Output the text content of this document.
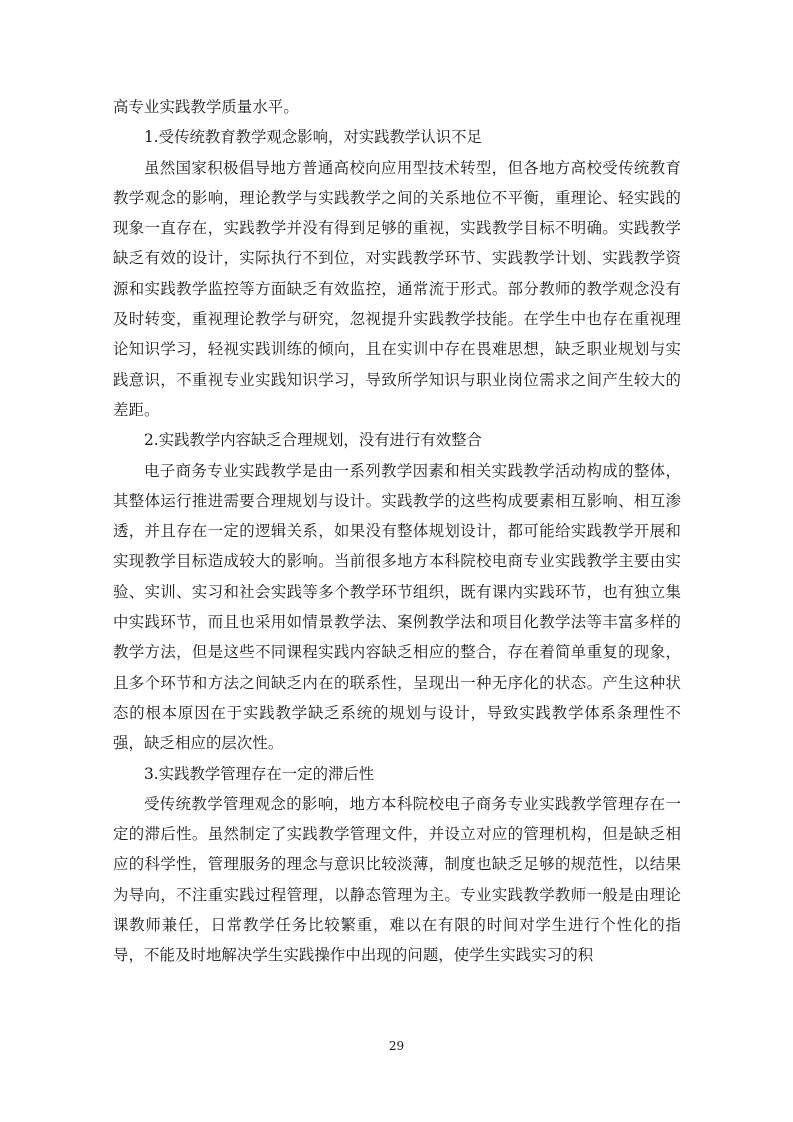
高专业实践教学质量水平。

1.受传统教育教学观念影响，对实践教学认识不足

虽然国家积极倡导地方普通高校向应用型技术转型，但各地方高校受传统教育教学观念的影响，理论教学与实践教学之间的关系地位不平衡，重理论、轻实践的现象一直存在，实践教学并没有得到足够的重视，实践教学目标不明确。实践教学缺乏有效的设计，实际执行不到位，对实践教学环节、实践教学计划、实践教学资源和实践教学监控等方面缺乏有效监控，通常流于形式。部分教师的教学观念没有及时转变，重视理论教学与研究，忽视提升实践教学技能。在学生中也存在重视理论知识学习，轻视实践训练的倾向，且在实训中存在畏难思想，缺乏职业规划与实践意识，不重视专业实践知识学习，导致所学知识与职业岗位需求之间产生较大的差距。

2.实践教学内容缺乏合理规划，没有进行有效整合

电子商务专业实践教学是由一系列教学因素和相关实践教学活动构成的整体，其整体运行推进需要合理规划与设计。实践教学的这些构成要素相互影响、相互渗透，并且存在一定的逻辑关系，如果没有整体规划设计，都可能给实践教学开展和实现教学目标造成较大的影响。当前很多地方本科院校电商专业实践教学主要由实验、实训、实习和社会实践等多个教学环节组织，既有课内实践环节，也有独立集中实践环节，而且也采用如情景教学法、案例教学法和项目化教学法等丰富多样的教学方法，但是这些不同课程实践内容缺乏相应的整合，存在着简单重复的现象，且多个环节和方法之间缺乏内在的联系性，呈现出一种无序化的状态。产生这种状态的根本原因在于实践教学缺乏系统的规划与设计，导致实践教学体系条理性不强，缺乏相应的层次性。

3.实践教学管理存在一定的滞后性

受传统教学管理观念的影响，地方本科院校电子商务专业实践教学管理存在一定的滞后性。虽然制定了实践教学管理文件，并设立对应的管理机构，但是缺乏相应的科学性，管理服务的理念与意识比较淡薄，制度也缺乏足够的规范性，以结果为导向，不注重实践过程管理，以静态管理为主。专业实践教学教师一般是由理论课教师兼任，日常教学任务比较繁重，难以在有限的时间对学生进行个性化的指导，不能及时地解决学生实践操作中出现的问题，使学生实践实习的积

29
